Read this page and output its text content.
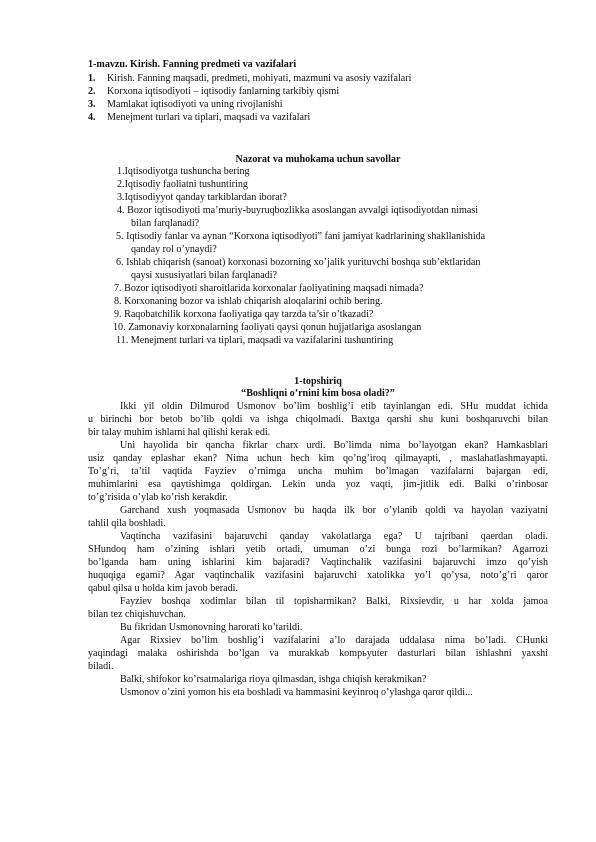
1-mavzu. Kirish. Fanning predmeti va vazifalari
1. Kirish. Fanning maqsadi, predmeti, mohiyati, mazmuni va asosiy vazifalari
2. Korxona iqtisodiyoti – iqtisodiy fanlarning tarkibiy qismi
3. Mamlakat iqtisodiyoti va uning rivojlanishi
4. Menejment turlari va tiplari, maqsadi va vazifalari
Nazorat va muhokama uchun savollar
1.Iqtisodiyotga tushuncha bering
2.Iqtisodiy faoliatni tushuntiring
3.Iqtisodiyyot qanday tarkiblardan iborat?
4. Bozor iqtisodiyoti ma’muriy-buyruqbozlikka asoslangan avvalgi iqtisodiyotdan nimasi
bilan farqlanadi?
5. Iqtisodiy fanlar va aynan “Korxona iqtisodiyoti” fani jamiyat kadrlarining shakllanishida
qanday rol o’ynaydi?
6. Ishlab chiqarish (sanoat) korxonasi bozorning xo’jalik yurituvchi boshqa sub’ektlaridan
qaysi xususiyatlari bilan farqlanadi?
7. Bozor iqtisodiyoti sharoitlarida korxonalar faoliyatining maqsadi nimada?
8. Korxonaning bozor va ishlab chiqarish aloqalarini ochib bering.
9. Raqobatchilik korxona faoliyatiga qay tarzda ta’sir o’tkazadi?
10. Zamonaviy korxonalarning faoliyati qaysi qonun hujjatlariga asoslangan
11. Menejment turlari va tiplari, maqsadi va vazifalarini tushuntiring
1-topshiriq
“Boshliqni o’rnini kim bosa oladi?”
Ikki yil oldin Dilmurod Usmonov bo’lim boshlig’i etib tayinlangan edi. SHu muddat ichida
u birinchi bor betob bo’lib qoldi va ishga chiqolmadi. Baxtga qarshi shu kuni boshqaruvchi bilan
bir talay muhim ishlarni hal qilishi kerak edi.
Uni hayolida bir qancha fikrlar charx urdi. Bo’limda nima bo’layotgan ekan? Hamkasblari
usiz qanday eplashar ekan? Nima uchun hech kim qo’ng’iroq qilmayapti, , maslahatlashmayapti.
To’g’ri, ta’til vaqtida Fayziev o’rnimga uncha muhim bo’lmagan vazifalarni bajargan edi,
muhimlarini esa qaytishimga qoldirgan. Lekin unda yoz vaqti, jim-jitlik edi. Balki o’rinbosar
to’g’risida o’ylab ko’rish kerakdir.
Garchand xush yoqmasada Usmonov bu haqda ilk bor o’ylanib qoldi va hayolan vaziyatni
tahlil qila boshladi.
Vaqtincha vazifasini bajaruvchi qanday vakolatlarga ega? U tajribani qaerdan oladi.
SHundoq ham o’zining ishlari yetib ortadi, umuman o’zi bunga rozi bo’larmikan? Agarrozi
bo’lganda ham uning ishlarini kim bajaradi? Vaqtinchalik vazifasini bajaruvchi imzo qo’yish
huquqiga egami? Agar vaqtinchalik vazifasini bajaruvchi xatolikka yo’l qo’ysa, noto’g’ri qaror
qabul qilsa u holda kim javob beradi.
Fayziev boshqa xodimlar bilan til topisharmikan? Balki, Rixsievdir, u har xolda jamoa
bilan tez chiqishuvchan.
Bu fikridan Usmonovning harorati ko’tarildi.
Agar Rixsiev bo’lim boshlig’i vazifalarini a’lo darajada uddalasa nima bo’ladi. CHunki
yaqindagi malaka oshirishda bo’lgan va murakkab kompьyuter dasturlari bilan ishlashni yaxshi
biladi.
Balki, shifokor ko’rsatmalariga rioya qilmasdan, ishga chiqish kerakmikan?
Usmonov o’zini yomon his eta boshladi va hammasini keyinroq o’ylashga qaror qildi...
